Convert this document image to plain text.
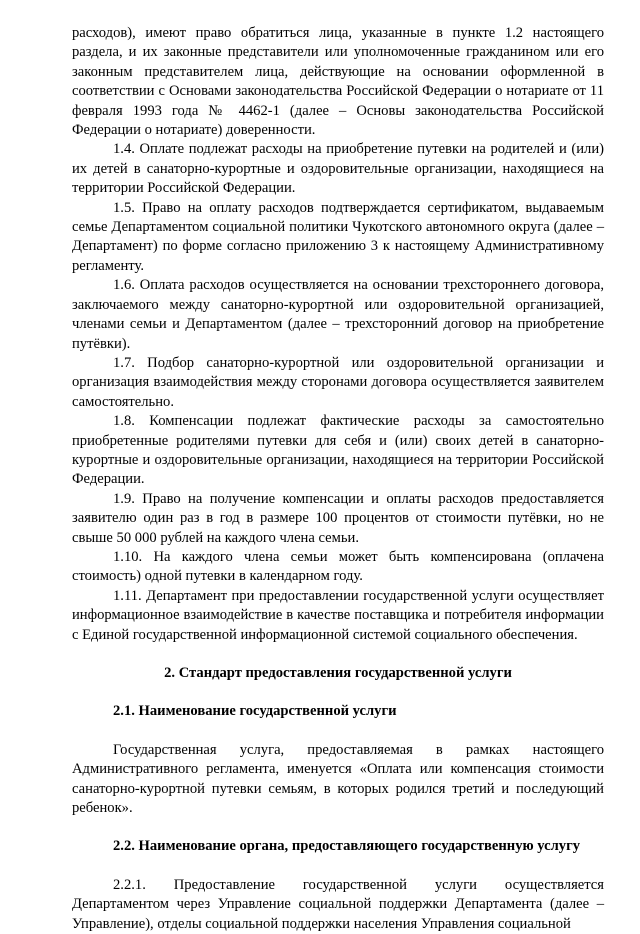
расходов), имеют право обратиться лица, указанные в пункте 1.2 настоящего раздела, и их законные представители или уполномоченные гражданином или его законным представителем лица, действующие на основании оформленной в соответствии с Основами законодательства Российской Федерации о нотариате от 11 февраля 1993 года № 4462-1 (далее – Основы законодательства Российской Федерации о нотариате) доверенности.

1.4. Оплате подлежат расходы на приобретение путевки на родителей и (или) их детей в санаторно-курортные и оздоровительные организации, находящиеся на территории Российской Федерации.

1.5. Право на оплату расходов подтверждается сертификатом, выдаваемым семье Департаментом социальной политики Чукотского автономного округа (далее – Департамент) по форме согласно приложению 3 к настоящему Административному регламенту.

1.6. Оплата расходов осуществляется на основании трехстороннего договора, заключаемого между санаторно-курортной или оздоровительной организацией, членами семьи и Департаментом (далее – трехсторонний договор на приобретение путёвки).

1.7. Подбор санаторно-курортной или оздоровительной организации и организация взаимодействия между сторонами договора осуществляется заявителем самостоятельно.

1.8. Компенсации подлежат фактические расходы за самостоятельно приобретенные родителями путевки для себя и (или) своих детей в санаторно-курортные и оздоровительные организации, находящиеся на территории Российской Федерации.

1.9. Право на получение компенсации и оплаты расходов предоставляется заявителю один раз в год в размере 100 процентов от стоимости путёвки, но не свыше 50 000 рублей на каждого члена семьи.

1.10. На каждого члена семьи может быть компенсирована (оплачена стоимость) одной путевки в календарном году.

1.11. Департамент при предоставлении государственной услуги осуществляет информационное взаимодействие в качестве поставщика и потребителя информации с Единой государственной информационной системой социального обеспечения.

2. Стандарт предоставления государственной услуги

2.1. Наименование государственной услуги

Государственная услуга, предоставляемая в рамках настоящего Административного регламента, именуется «Оплата или компенсация стоимости санаторно-курортной путевки семьям, в которых родился третий и последующий ребенок».

2.2. Наименование органа, предоставляющего государственную услугу

2.2.1. Предоставление государственной услуги осуществляется Департаментом через Управление социальной поддержки Департамента (далее – Управление), отделы социальной поддержки населения Управления социальной
